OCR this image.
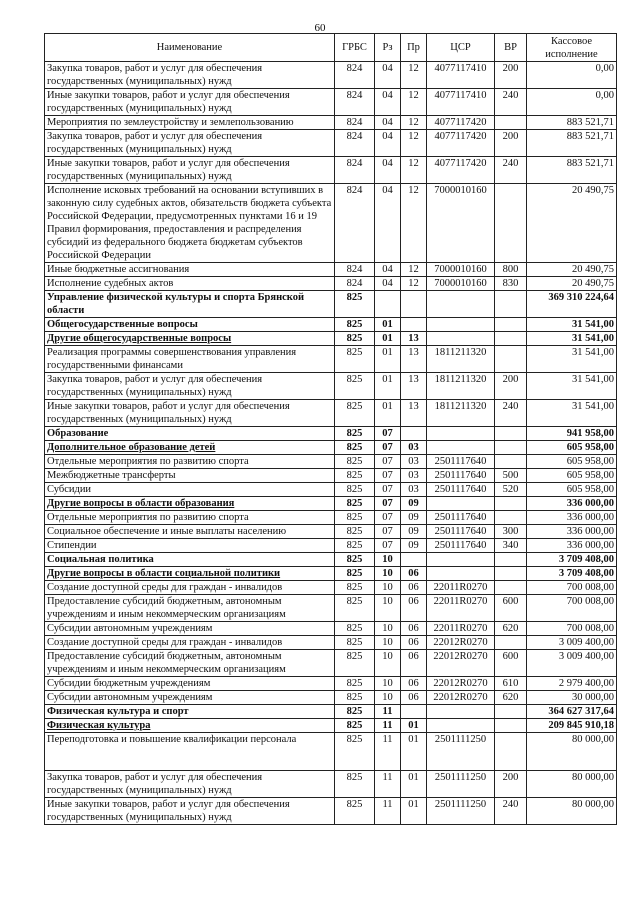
60
Наименование	ГРБС	Рз	Пр	ЦСР	ВР	Кассовое исполнение
Закупка товаров, работ и услуг для обеспечения государственных (муниципальных) нужд	824	04	12	4077117410	200	0,00
Иные закупки товаров, работ и услуг для обеспечения государственных (муниципальных) нужд	824	04	12	4077117410	240	0,00
Мероприятия по землеустройству и землепользованию	824	04	12	4077117420		883 521,71
Закупка товаров, работ и услуг для обеспечения государственных (муниципальных) нужд	824	04	12	4077117420	200	883 521,71
Иные закупки товаров, работ и услуг для обеспечения государственных (муниципальных) нужд	824	04	12	4077117420	240	883 521,71
Исполнение исковых требований на основании вступивших в законную силу судебных актов, обязательств бюджета субъекта Российской Федерации, предусмотренных пунктами 16 и 19 Правил формирования, предоставления и распределения субсидий из федерального бюджета бюджетам субъектов Российской Федерации	824	04	12	7000010160		20 490,75
Иные бюджетные ассигнования	824	04	12	7000010160	800	20 490,75
Исполнение судебных актов	824	04	12	7000010160	830	20 490,75
Управление физической культуры и спорта Брянской области	825					369 310 224,64
Общегосударственные вопросы	825	01				31 541,00
Другие общегосударственные вопросы	825	01	13			31 541,00
Реализация программы совершенствования управления государственными финансами	825	01	13	1811211320		31 541,00
Закупка товаров, работ и услуг для обеспечения государственных (муниципальных) нужд	825	01	13	1811211320	200	31 541,00
Иные закупки товаров, работ и услуг для обеспечения государственных (муниципальных) нужд	825	01	13	1811211320	240	31 541,00
Образование	825	07				941 958,00
Дополнительное образование детей	825	07	03			605 958,00
Отдельные мероприятия по развитию спорта	825	07	03	2501117640		605 958,00
Межбюджетные трансферты	825	07	03	2501117640	500	605 958,00
Субсидии	825	07	03	2501117640	520	605 958,00
Другие вопросы в области образования	825	07	09			336 000,00
Отдельные мероприятия по развитию спорта	825	07	09	2501117640		336 000,00
Социальное обеспечение и иные выплаты населению	825	07	09	2501117640	300	336 000,00
Стипендии	825	07	09	2501117640	340	336 000,00
Социальная политика	825	10				3 709 408,00
Другие вопросы в области социальной политики	825	10	06			3 709 408,00
Создание доступной среды для граждан - инвалидов	825	10	06	22011R0270		700 008,00
Предоставление субсидий бюджетным, автономным учреждениям и иным некоммерческим организациям	825	10	06	22011R0270	600	700 008,00
Субсидии автономным учреждениям	825	10	06	22011R0270	620	700 008,00
Создание доступной среды для граждан - инвалидов	825	10	06	22012R0270		3 009 400,00
Предоставление субсидий бюджетным, автономным учреждениям и иным некоммерческим организациям	825	10	06	22012R0270	600	3 009 400,00
Субсидии бюджетным учреждениям	825	10	06	22012R0270	610	2 979 400,00
Субсидии автономным учреждениям	825	10	06	22012R0270	620	30 000,00
Физическая культура и спорт	825	11				364 627 317,64
Физическая культура	825	11	01			209 845 910,18
Переподготовка и повышение квалификации персонала	825	11	01	2501111250		80 000,00
Закупка товаров, работ и услуг для обеспечения государственных (муниципальных) нужд	825	11	01	2501111250	200	80 000,00
Иные закупки товаров, работ и услуг для обеспечения государственных (муниципальных) нужд	825	11	01	2501111250	240	80 000,00
